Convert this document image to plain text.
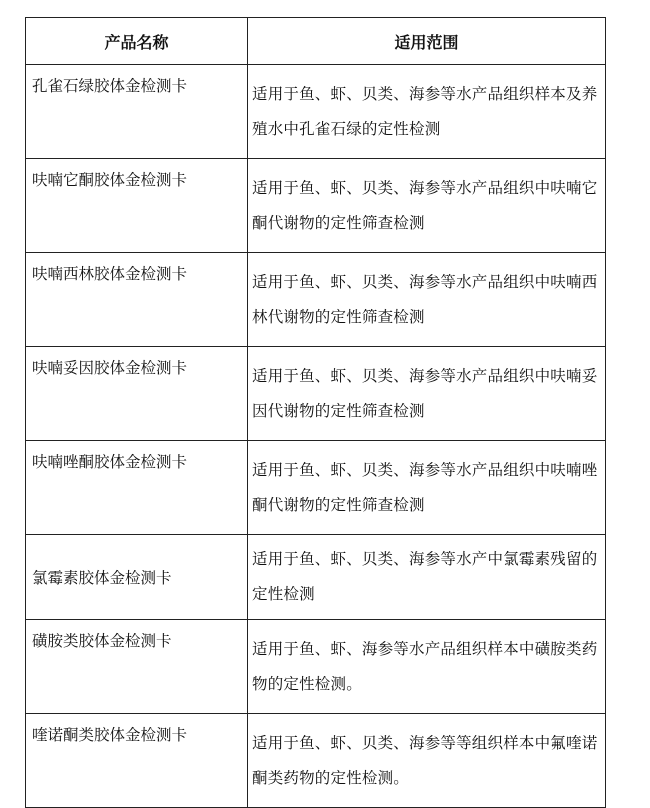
产品名称	适用范围
孔雀石绿胶体金检测卡	适用于鱼、虾、贝类、海参等水产品组织样本及养殖水中孔雀石绿的定性检测
呋喃它酮胶体金检测卡	适用于鱼、虾、贝类、海参等水产品组织中呋喃它酮代谢物的定性筛查检测
呋喃西林胶体金检测卡	适用于鱼、虾、贝类、海参等水产品组织中呋喃西林代谢物的定性筛查检测
呋喃妥因胶体金检测卡	适用于鱼、虾、贝类、海参等水产品组织中呋喃妥因代谢物的定性筛查检测
呋喃唑酮胶体金检测卡	适用于鱼、虾、贝类、海参等水产品组织中呋喃唑酮代谢物的定性筛查检测
氯霉素胶体金检测卡	适用于鱼、虾、贝类、海参等水产中氯霉素残留的定性检测
磺胺类胶体金检测卡	适用于鱼、虾、海参等水产品组织样本中磺胺类药物的定性检测。
喹诺酮类胶体金检测卡	适用于鱼、虾、贝类、海参等等组织样本中氟喹诺酮类药物的定性检测。
